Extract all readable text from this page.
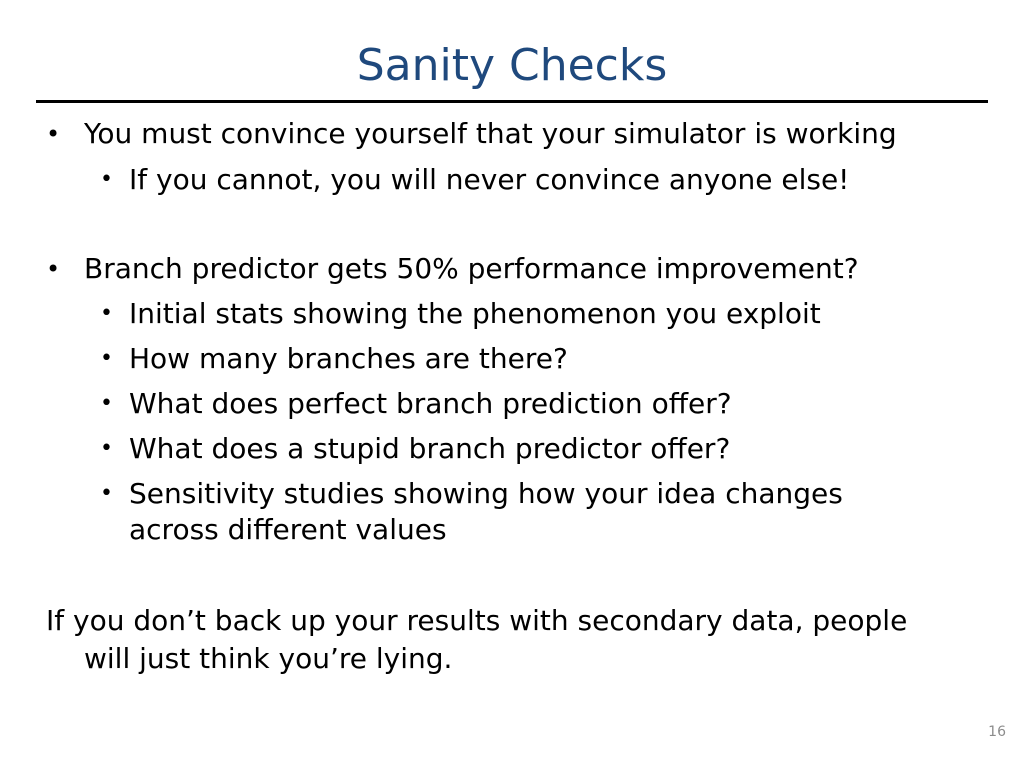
Sanity Checks
• You must convince yourself that your simulator is working
• If you cannot, you will never convince anyone else!
• Branch predictor gets 50% performance improvement?
• Initial stats showing the phenomenon you exploit
• How many branches are there?
• What does perfect branch prediction offer?
• What does a stupid branch predictor offer?
• Sensitivity studies showing how your idea changes
across different values
If you don’t back up your results with secondary data, people
will just think you’re lying.
16
